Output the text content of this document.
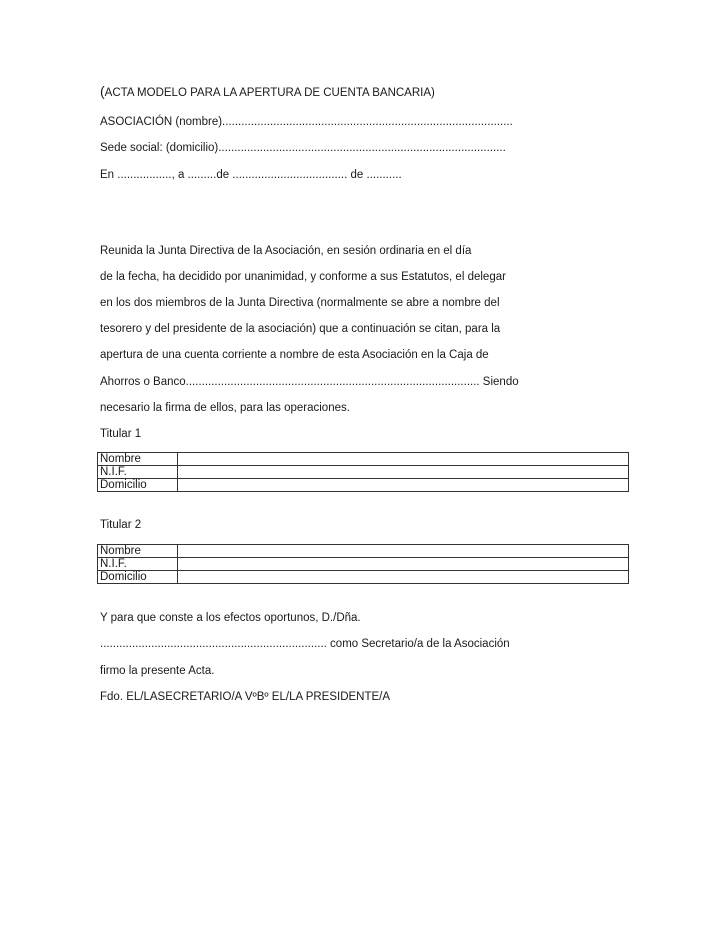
(ACTA MODELO PARA LA APERTURA DE CUENTA BANCARIA)
ASOCIACIÓN (nombre)...........................................................................................
Sede social: (domicilio)..........................................................................................
En ................., a .........de .................................... de ...........
Reunida la Junta Directiva de la Asociación, en sesión ordinaria en el día
de la fecha, ha decidido por unanimidad, y conforme a sus Estatutos, el delegar
en los dos miembros de la Junta Directiva (normalmente se abre a nombre del
tesorero y del presidente de la asociación) que a continuación se citan, para la
apertura de una cuenta corriente a nombre de esta Asociación en la Caja de
Ahorros o Banco............................................................................................ Siendo
necesario la firma de ellos, para las operaciones.
Titular 1
Nombre	
N.I.F.	
Domicilio	
Titular 2
Nombre	
N.I.F.	
Domicilio	
Y para que conste a los efectos oportunos, D./Dña.
....................................................................... como Secretario/a de la Asociación
firmo la presente Acta.
Fdo. EL/LASECRETARIO/A VºBº EL/LA PRESIDENTE/A
